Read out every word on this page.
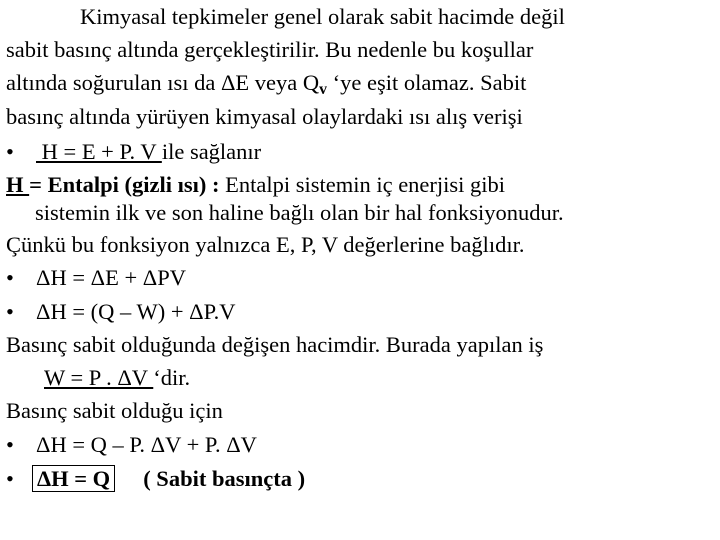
Kimyasal tepkimeler genel olarak sabit hacimde değil
sabit basınç altında gerçekleştirilir. Bu nedenle bu koşullar
altında soğurulan ısı da ΔE veya $Q_v$ ‘ye eşit olamaz. Sabit
basınç altında yürüyen kimyasal olaylardaki ısı alış verişi
• H = E + P. V ile sağlanır
H = Entalpi (gizli ısı) : Entalpi sistemin iç enerjisi gibi
sistemin ilk ve son haline bağlı olan bir hal fonksiyonudur.
Çünkü bu fonksiyon yalnızca E, P, V değerlerine bağlıdır.
• ΔH = ΔE + ΔPV
• ΔH = (Q – W) + ΔP.V
Basınç sabit olduğunda değişen hacimdir. Burada yapılan iş
W = P . ΔV ‘dir.
Basınç sabit olduğu için
• ΔH = Q – P. ΔV + P. ΔV
• ΔH = Q ( Sabit basınçta )
